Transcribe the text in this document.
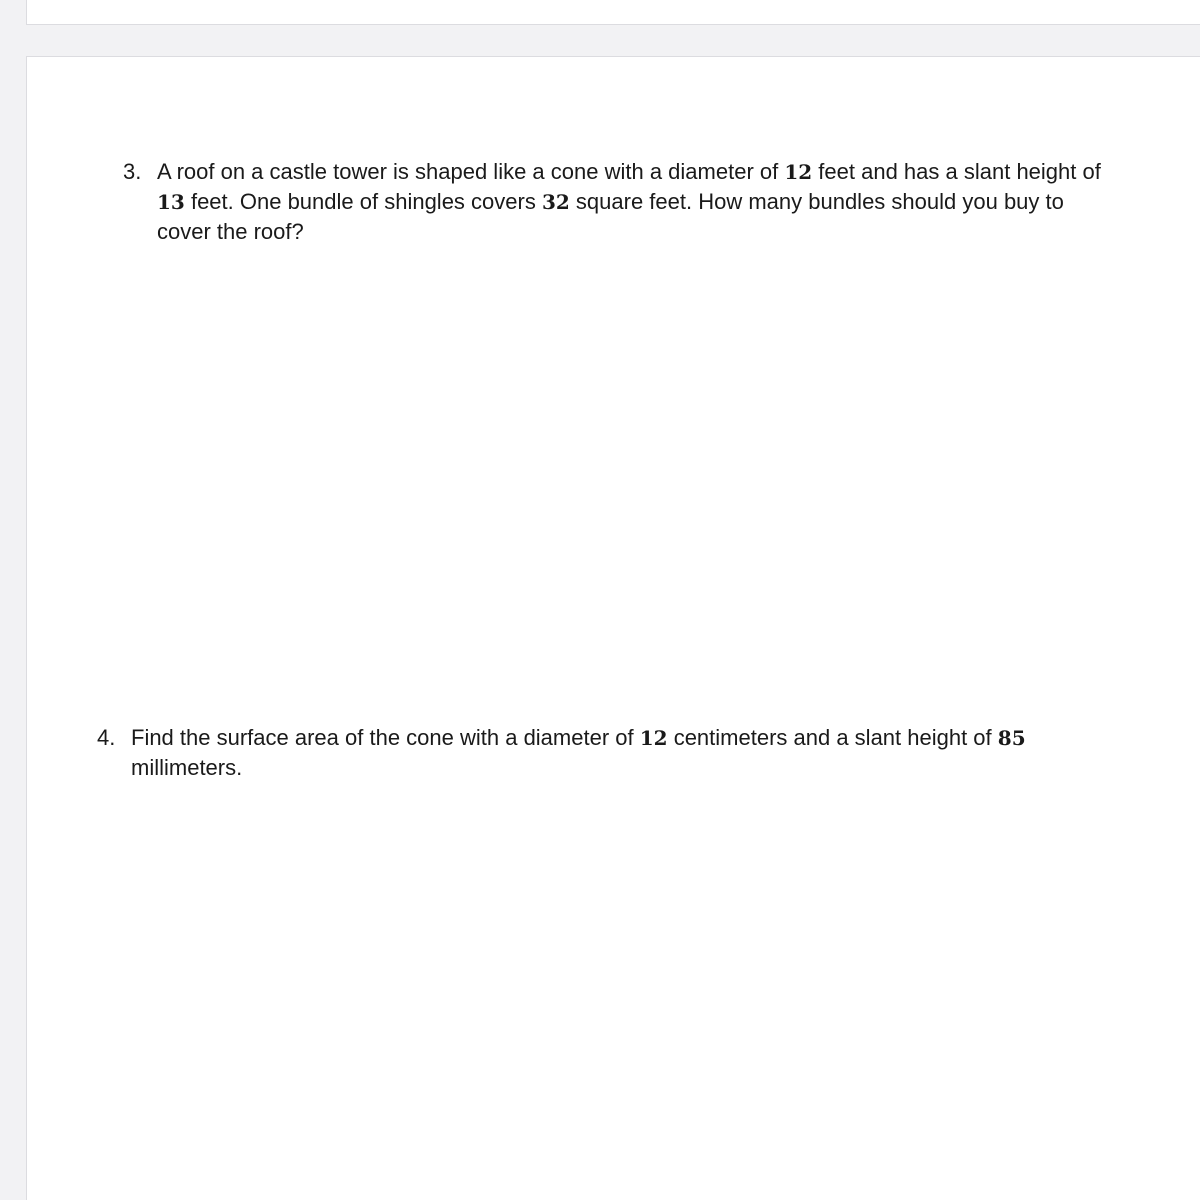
3. A roof on a castle tower is shaped like a cone with a diameter of 12 feet and has a slant height of 13 feet. One bundle of shingles covers 32 square feet. How many bundles should you buy to cover the roof?
4. Find the surface area of the cone with a diameter of 12 centimeters and a slant height of 85 millimeters.
